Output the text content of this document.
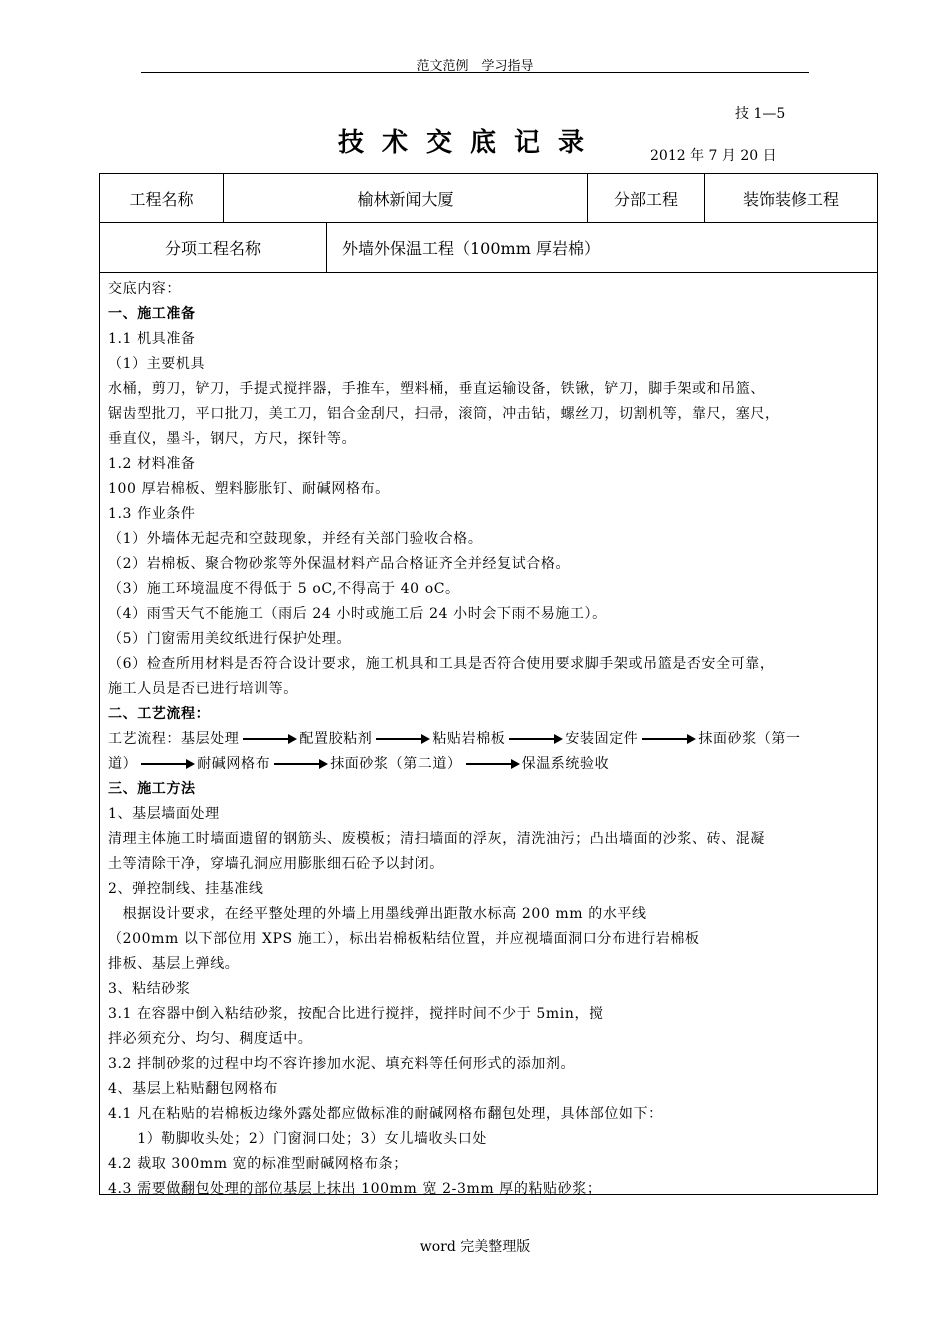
范文范例　学习指导
技 1—5
技术交底记录	2012 年 7 月 20 日
工程名称	榆林新闻大厦	分部工程	装饰装修工程
分项工程名称	外墙外保温工程（100mm 厚岩棉）
交底内容：
一、施工准备
1.1 机具准备
（1）主要机具
水桶，剪刀，铲刀，手提式搅拌器，手推车，塑料桶，垂直运输设备，铁锹，铲刀，脚手架或和吊篮、
锯齿型批刀，平口批刀，美工刀，铝合金刮尺，扫帚，滚筒，冲击钻，螺丝刀，切割机等，靠尺，塞尺，
垂直仪，墨斗，钢尺，方尺，探针等。
1.2 材料准备
100 厚岩棉板、塑料膨胀钉、耐碱网格布。
1.3 作业条件
（1）外墙体无起壳和空鼓现象，并经有关部门验收合格。
（2）岩棉板、聚合物砂浆等外保温材料产品合格证齐全并经复试合格。
（3）施工环境温度不得低于 5 oC,不得高于 40 oC。
（4）雨雪天气不能施工（雨后 24 小时或施工后 24 小时会下雨不易施工）。
（5）门窗需用美纹纸进行保护处理。
（6）检查所用材料是否符合设计要求，施工机具和工具是否符合使用要求脚手架或吊篮是否安全可靠，
施工人员是否已进行培训等。
二、工艺流程：
工艺流程：基层处理	配置胶粘剂	粘贴岩棉板	安装固定件	抹面砂浆（第一
道）	耐碱网格布	抹面砂浆（第二道）	保温系统验收
三、施工方法
1、基层墙面处理
清理主体施工时墙面遗留的钢筋头、废模板；清扫墙面的浮灰，清洗油污；凸出墙面的沙浆、砖、混凝
土等清除干净，穿墙孔洞应用膨胀细石砼予以封闭。
2、弹控制线、挂基准线
　根据设计要求，在经平整处理的外墙上用墨线弹出距散水标高 200 mm 的水平线
（200mm 以下部位用 XPS 施工），标出岩棉板粘结位置，并应视墙面洞口分布进行岩棉板
排板、基层上弹线。
3、粘结砂浆
3.1 在容器中倒入粘结砂浆，按配合比进行搅拌，搅拌时间不少于 5min，搅
拌必须充分、均匀、稠度适中。
3.2 拌制砂浆的过程中均不容许掺加水泥、填充料等任何形式的添加剂。
4、基层上粘贴翻包网格布
4.1 凡在粘贴的岩棉板边缘外露处都应做标准的耐碱网格布翻包处理，具体部位如下：
　　1）勒脚收头处；2）门窗洞口处；3）女儿墙收头口处
4.2 裁取 300mm 宽的标准型耐碱网格布条；
4.3 需要做翻包处理的部位基层上抹出 100mm 宽 2-3mm 厚的粘贴砂浆；
word 完美整理版
